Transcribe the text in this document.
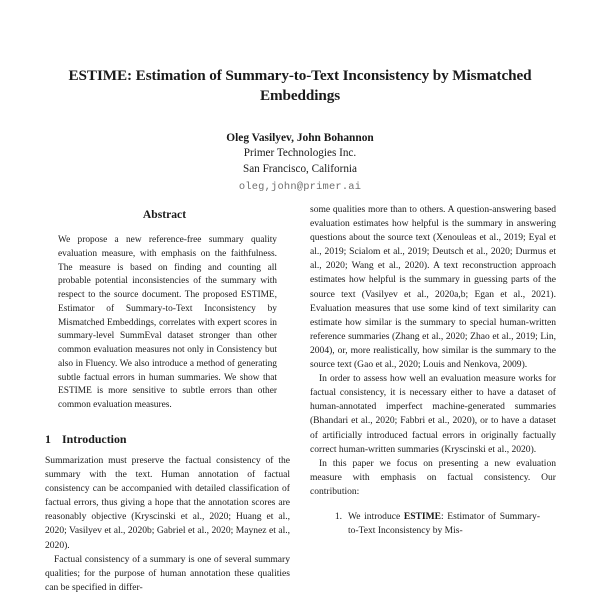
ESTIME: Estimation of Summary-to-Text Inconsistency by Mismatched Embeddings
Oleg Vasilyev, John Bohannon
Primer Technologies Inc.
San Francisco, California
oleg,john@primer.ai
Abstract
We propose a new reference-free summary quality evaluation measure, with emphasis on the faithfulness. The measure is based on finding and counting all probable potential inconsistencies of the summary with respect to the source document. The proposed ESTIME, Estimator of Summary-to-Text Inconsistency by Mismatched Embeddings, correlates with expert scores in summary-level SummEval dataset stronger than other common evaluation measures not only in Consistency but also in Fluency. We also introduce a method of generating subtle factual errors in human summaries. We show that ESTIME is more sensitive to subtle errors than other common evaluation measures.
1 Introduction

Summarization must preserve the factual consistency of the summary with the text. Human annotation of factual consistency can be accompanied with detailed classification of factual errors, thus giving a hope that the annotation scores are reasonably objective (Kryscinski et al., 2020; Huang et al., 2020; Vasilyev et al., 2020b; Gabriel et al., 2020; Maynez et al., 2020).

Factual consistency of a summary is one of several summary qualities; for the purpose of human annotation these qualities can be specified in differ-

some qualities more than to others. A question-answering based evaluation estimates how helpful is the summary in answering questions about the source text (Xenouleas et al., 2019; Eyal et al., 2019; Scialom et al., 2019; Deutsch et al., 2020; Durmus et al., 2020; Wang et al., 2020). A text reconstruction approach estimates how helpful is the summary in guessing parts of the source text (Vasilyev et al., 2020a,b; Egan et al., 2021). Evaluation measures that use some kind of text similarity can estimate how similar is the summary to special human-written reference summaries (Zhang et al., 2020; Zhao et al., 2019; Lin, 2004), or, more realistically, how similar is the summary to the source text (Gao et al., 2020; Louis and Nenkova, 2009).

In order to assess how well an evaluation measure works for factual consistency, it is necessary either to have a dataset of human-annotated imperfect machine-generated summaries (Bhandari et al., 2020; Fabbri et al., 2020), or to have a dataset of artificially introduced factual errors in originally factually correct human-written summaries (Kryscinski et al., 2020).

In this paper we focus on presenting a new evaluation measure with emphasis on factual consistency. Our contribution:

1. We introduce ESTIME: Estimator of Summary-to-Text Inconsistency by Mis-
